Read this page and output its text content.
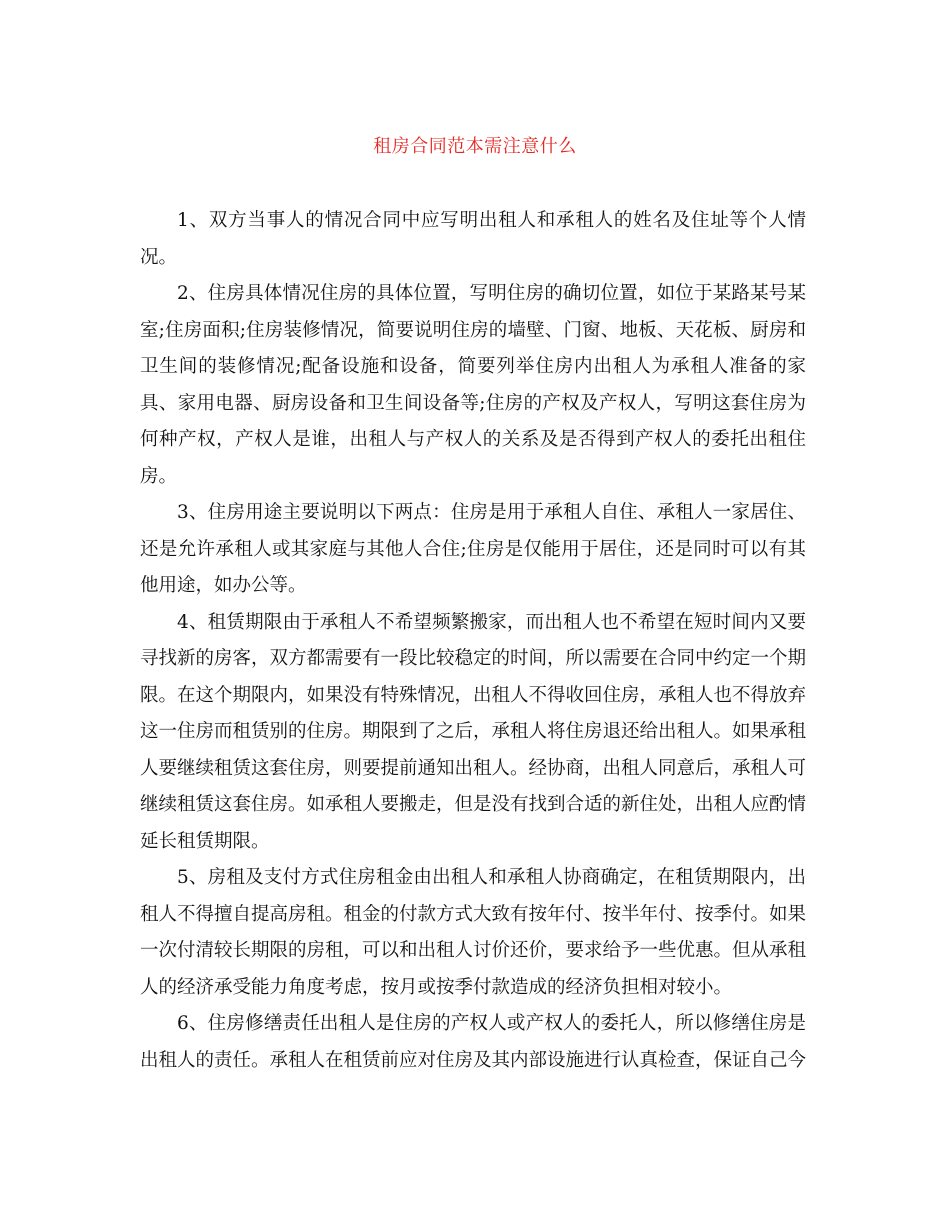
租房合同范本需注意什么

1、双方当事人的情况合同中应写明出租人和承租人的姓名及住址等个人情况。

2、住房具体情况住房的具体位置，写明住房的确切位置，如位于某路某号某室;住房面积;住房装修情况，简要说明住房的墙壁、门窗、地板、天花板、厨房和卫生间的装修情况;配备设施和设备，简要列举住房内出租人为承租人准备的家具、家用电器、厨房设备和卫生间设备等;住房的产权及产权人，写明这套住房为何种产权，产权人是谁，出租人与产权人的关系及是否得到产权人的委托出租住房。

3、住房用途主要说明以下两点：住房是用于承租人自住、承租人一家居住、还是允许承租人或其家庭与其他人合住;住房是仅能用于居住，还是同时可以有其他用途，如办公等。

4、租赁期限由于承租人不希望频繁搬家，而出租人也不希望在短时间内又要寻找新的房客，双方都需要有一段比较稳定的时间，所以需要在合同中约定一个期限。在这个期限内，如果没有特殊情况，出租人不得收回住房，承租人也不得放弃这一住房而租赁别的住房。期限到了之后，承租人将住房退还给出租人。如果承租人要继续租赁这套住房，则要提前通知出租人。经协商，出租人同意后，承租人可继续租赁这套住房。如承租人要搬走，但是没有找到合适的新住处，出租人应酌情延长租赁期限。

5、房租及支付方式住房租金由出租人和承租人协商确定，在租赁期限内，出租人不得擅自提高房租。租金的付款方式大致有按年付、按半年付、按季付。如果一次付清较长期限的房租，可以和出租人讨价还价，要求给予一些优惠。但从承租人的经济承受能力角度考虑，按月或按季付款造成的经济负担相对较小。

6、住房修缮责任出租人是住房的产权人或产权人的委托人，所以修缮住房是出租人的责任。承租人在租赁前应对住房及其内部设施进行认真检查，保证自己今
